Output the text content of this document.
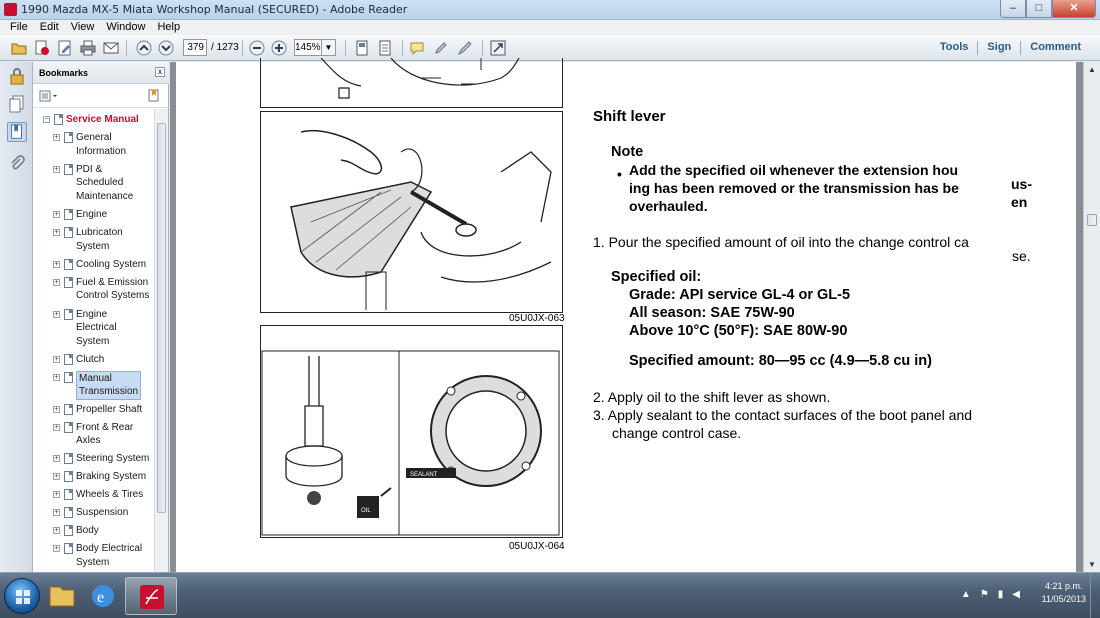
1990 Mazda MX-5 Miata Workshop Manual (SECURED) - Adobe Reader	–	□	✕
File	Edit	View	Window	Help
379 / 1273	145% ▼	Tools	Sign	Comment
Bookmarks	x
− Service Manual
+ General
Information
+ PDI &
Scheduled
Maintenance
+ Engine
+ Lubricaton
System
+ Cooling System
+ Fuel & Emission
Control Systems
+ Engine
Electrical
System
+ Clutch
+ Manual
Transmission
+ Propeller Shaft
+ Front & Rear
Axles
+ Steering System
+ Braking System
+ Wheels & Tires
+ Suspension
+ Body
+ Body Electrical
System
05U0JX-063
OIL
SEALANT
05U0JX-064
Shift lever
Note
• Add the specified oil whenever the extension hou
ing has been removed or the transmission has be
overhauled.
us-
en
1. Pour the specified amount of oil into the change control ca
se.
Specified oil:
Grade: API service GL-4 or GL-5
All season: SAE 75W-90
Above 10°C (50°F): SAE 80W-90
Specified amount: 80—95 cc (4.9—5.8 cu in)
2. Apply oil to the shift lever as shown.
3. Apply sealant to the contact surfaces of the boot panel and
change control case.
▲
▼
e	▲ ⚑ ▮ ◀
4:21 p.m.
11/05/2013
